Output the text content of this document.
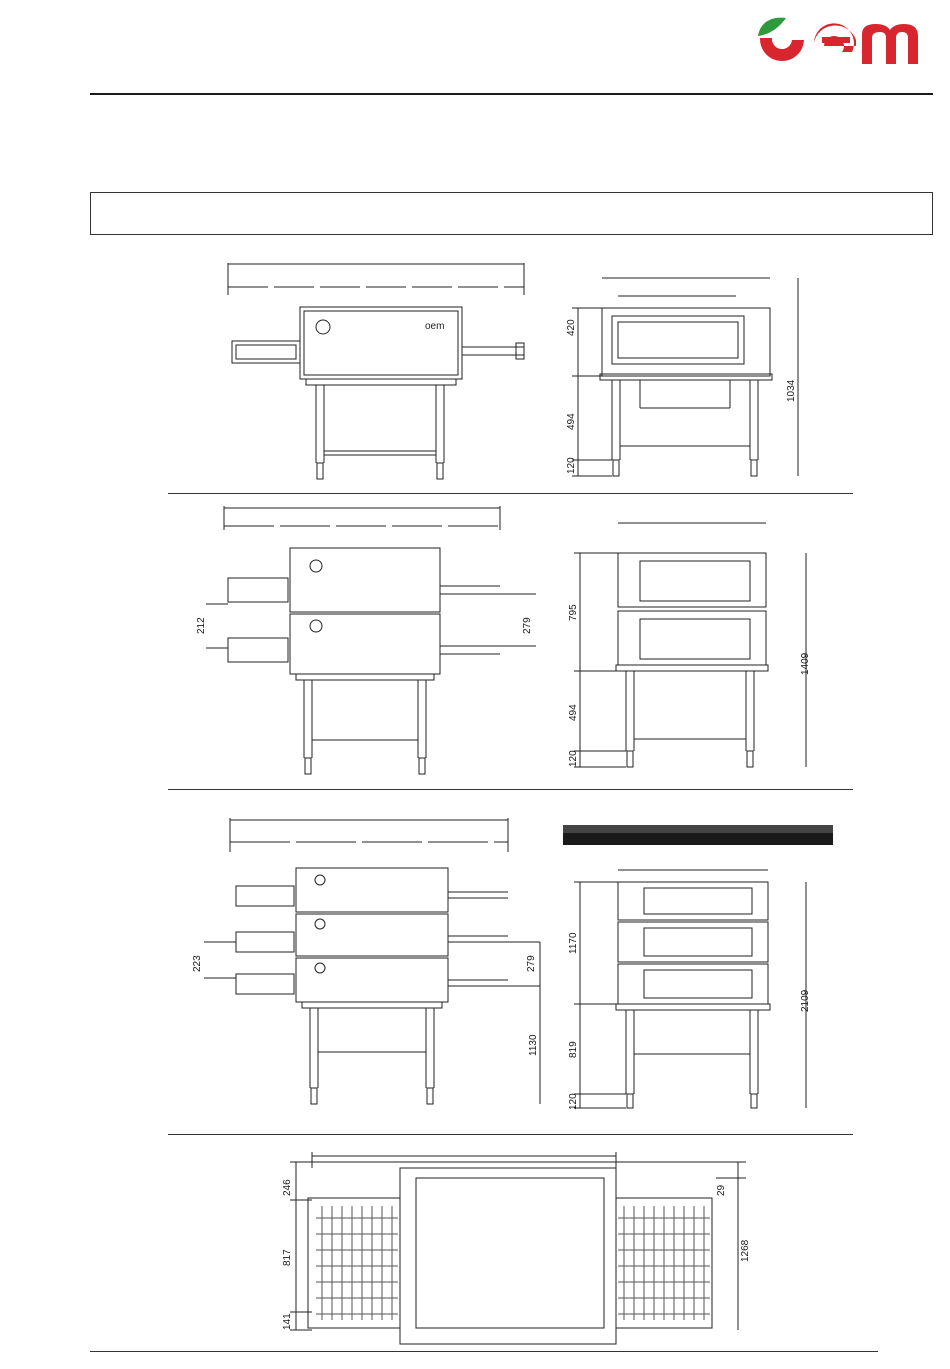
oem	420
494
120
1034
212	279
795
494
120
1409
223	279
1130
1170
819
120
2109
246
817
141
29
1268
